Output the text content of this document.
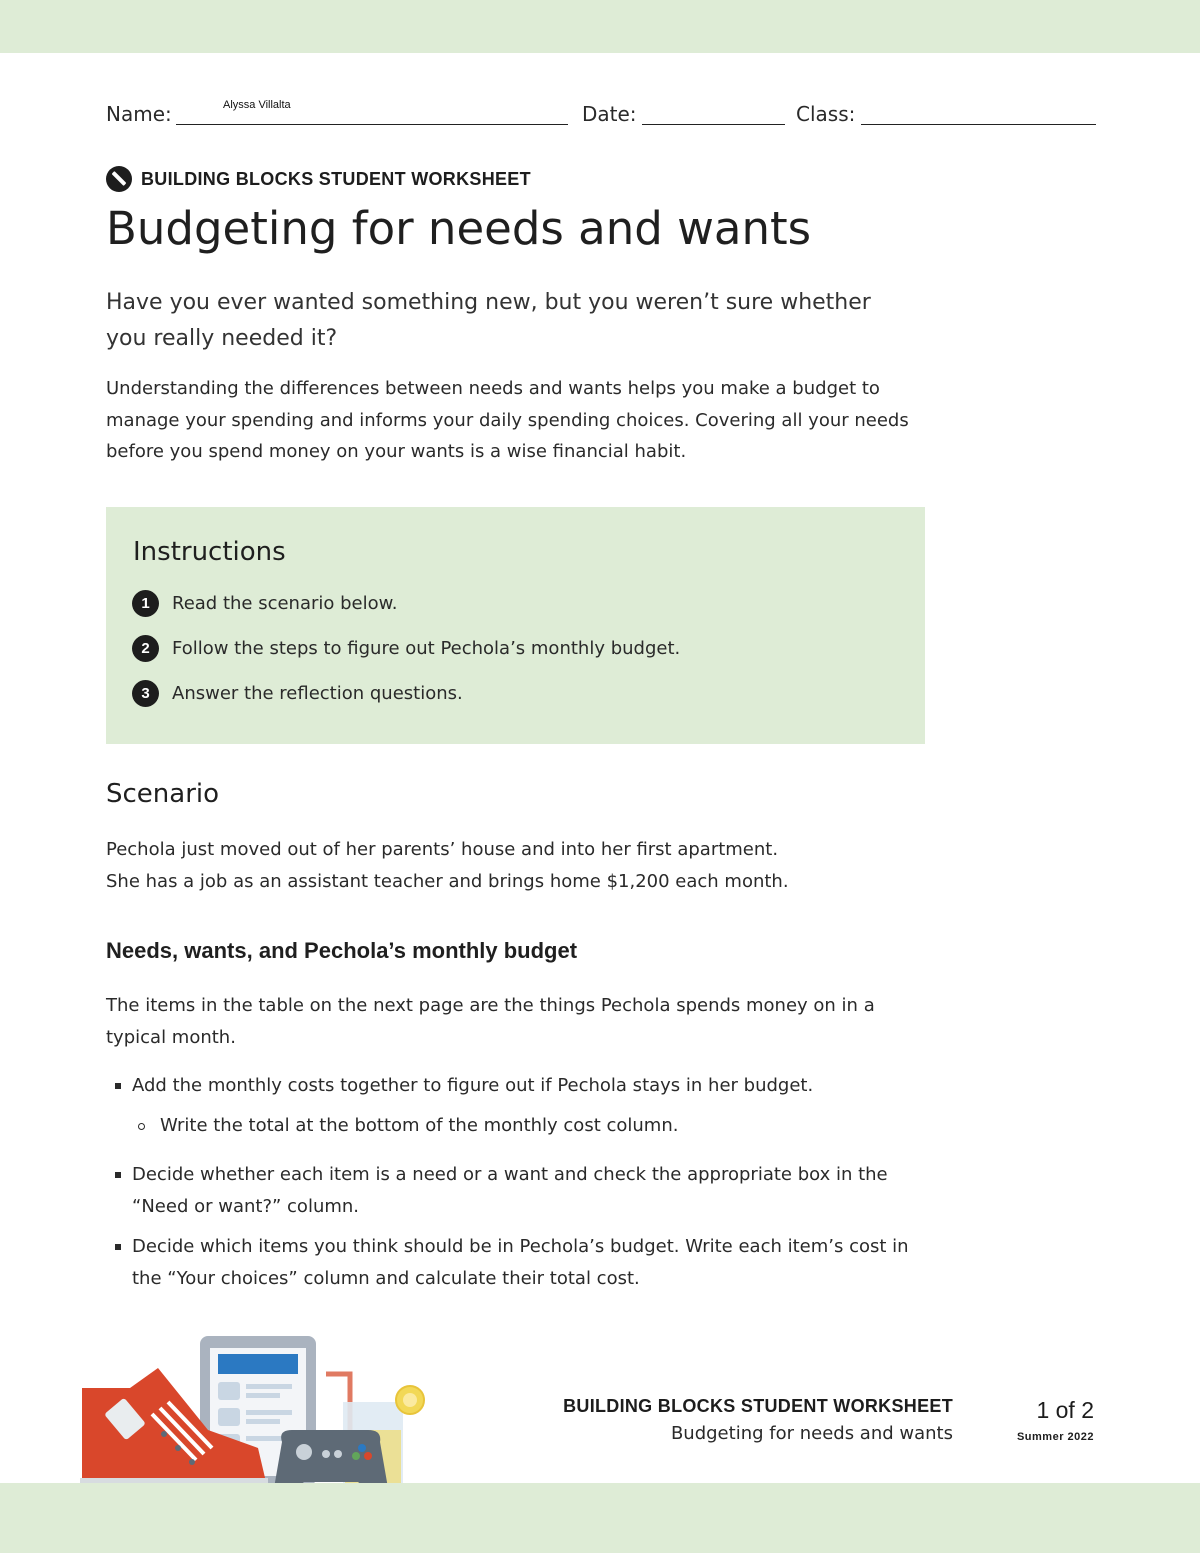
Name:	Date:	Class:
Alyssa Villalta
BUILDING BLOCKS STUDENT WORKSHEET
Budgeting for needs and wants
Have you ever wanted something new, but you weren’t sure whether you really needed it?
Understanding the differences between needs and wants helps you make a budget to manage your spending and informs your daily spending choices. Covering all your needs before you spend money on your wants is a wise financial habit.
Instructions
1	Read the scenario below.
2	Follow the steps to figure out Pechola’s monthly budget.
3	Answer the reflection questions.
Scenario
Pechola just moved out of her parents’ house and into her first apartment.
She has a job as an assistant teacher and brings home $1,200 each month.
Needs, wants, and Pechola’s monthly budget
The items in the table on the next page are the things Pechola spends money on in a typical month.
Add the monthly costs together to figure out if Pechola stays in her budget.
Write the total at the bottom of the monthly cost column.
Decide whether each item is a need or a want and check the appropriate box in the “Need or want?” column.
Decide which items you think should be in Pechola’s budget. Write each item’s cost in the “Your choices” column and calculate their total cost.
BUILDING BLOCKS STUDENT WORKSHEET
Budgeting for needs and wants
1 of 2
Summer 2022
